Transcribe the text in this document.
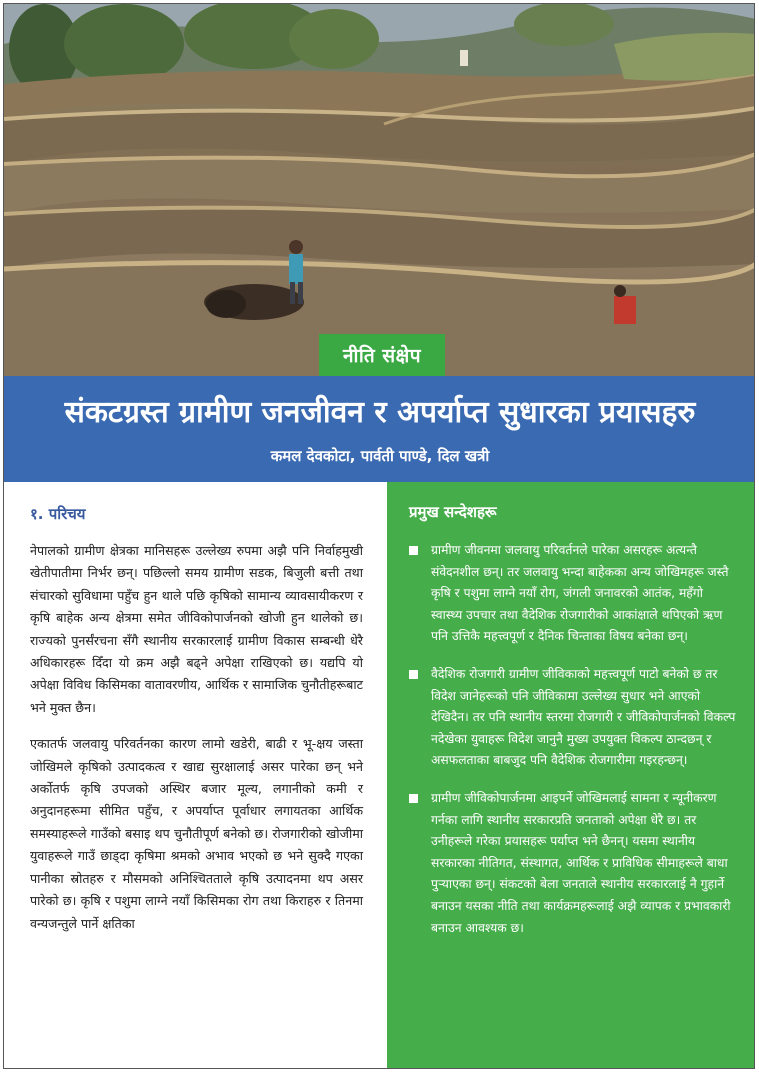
नीति संक्षेप
संकटग्रस्त ग्रामीण जनजीवन र अपर्याप्त सुधारका प्रयासहरु
कमल देवकोटा, पार्वती पाण्डे, दिल खत्री
१. परिचय

नेपालको ग्रामीण क्षेत्रका मानिसहरू उल्लेख्य रुपमा अझै पनि निर्वाहमुखी खेतीपातीमा निर्भर छन्। पछिल्लो समय ग्रामीण सडक, बिजुली बत्ती तथा संचारको सुविधामा पहुँच हुन थाले पछि कृषिको सामान्य व्यावसायीकरण र कृषि बाहेक अन्य क्षेत्रमा समेत जीविकोपार्जनको खोजी हुन थालेको छ। राज्यको पुनर्संरचना सँगै स्थानीय सरकारलाई ग्रामीण विकास सम्बन्धी धेरै अधिकारहरू दिँदा यो क्रम अझै बढ्ने अपेक्षा राखिएको छ। यद्यपि यो अपेक्षा विविध किसिमका वातावरणीय, आर्थिक र सामाजिक चुनौतीहरूबाट भने मुक्त छैन।

एकातर्फ जलवायु परिवर्तनका कारण लामो खडेरी, बाढी र भू-क्षय जस्ता जोखिमले कृषिको उत्पादकत्व र खाद्य सुरक्षालाई असर पारेका छन् भने अर्कोतर्फ कृषि उपजको अस्थिर बजार मूल्य, लगानीको कमी र अनुदानहरूमा सीमित पहुँच, र अपर्याप्त पूर्वाधार लगायतका आर्थिक समस्याहरूले गाउँको बसाइ थप चुनौतीपूर्ण बनेको छ। रोजगारीको खोजीमा युवाहरूले गाउँ छाड्दा कृषिमा श्रमको अभाव भएको छ भने सुक्दै गएका पानीका स्रोतहरु र मौसमको अनिश्चितताले कृषि उत्पादनमा थप असर पारेको छ। कृषि र पशुमा लाग्ने नयाँ किसिमका रोग तथा किराहरु र तिनमा वन्यजन्तुले पार्ने क्षतिका

प्रमुख सन्देशहरू
ग्रामीण जीवनमा जलवायु परिवर्तनले पारेका असरहरू अत्यन्तै संवेदनशील छन्। तर जलवायु भन्दा बाहेकका अन्य जोखिमहरू जस्तै कृषि र पशुमा लाग्ने नयाँ रोग, जंगली जनावरको आतंक, महँगो स्वास्थ्य उपचार तथा वैदेशिक रोजगारीको आकांक्षाले थपिएको ऋण पनि उत्तिकै महत्त्वपूर्ण र दैनिक चिन्ताका विषय बनेका छन्।
वैदेशिक रोजगारी ग्रामीण जीविकाको महत्त्वपूर्ण पाटो बनेको छ तर विदेश जानेहरूको पनि जीविकामा उल्लेख्य सुधार भने आएको देखिदैन। तर पनि स्थानीय स्तरमा रोजगारी र जीविकोपार्जनको विकल्प नदेखेका युवाहरू विदेश जानुनै मुख्य उपयुक्त विकल्प ठान्दछन् र असफलताका बाबजुद पनि वैदेशिक रोजगारीमा गइरहन्छन्।
ग्रामीण जीविकोपार्जनमा आइपर्ने जोखिमलाई सामना र न्यूनीकरण गर्नका लागि स्थानीय सरकारप्रति जनताको अपेक्षा धेरै छ। तर उनीहरूले गरेका प्रयासहरू पर्याप्त भने छैनन्। यसमा स्थानीय सरकारका नीतिगत, संस्थागत, आर्थिक र प्राविधिक सीमाहरूले बाधा पुऱ्याएका छन्। संकटको बेला जनताले स्थानीय सरकारलाई नै गुहार्ने बनाउन यसका नीति तथा कार्यक्रमहरूलाई अझै व्यापक र प्रभावकारी बनाउन आवश्यक छ।
